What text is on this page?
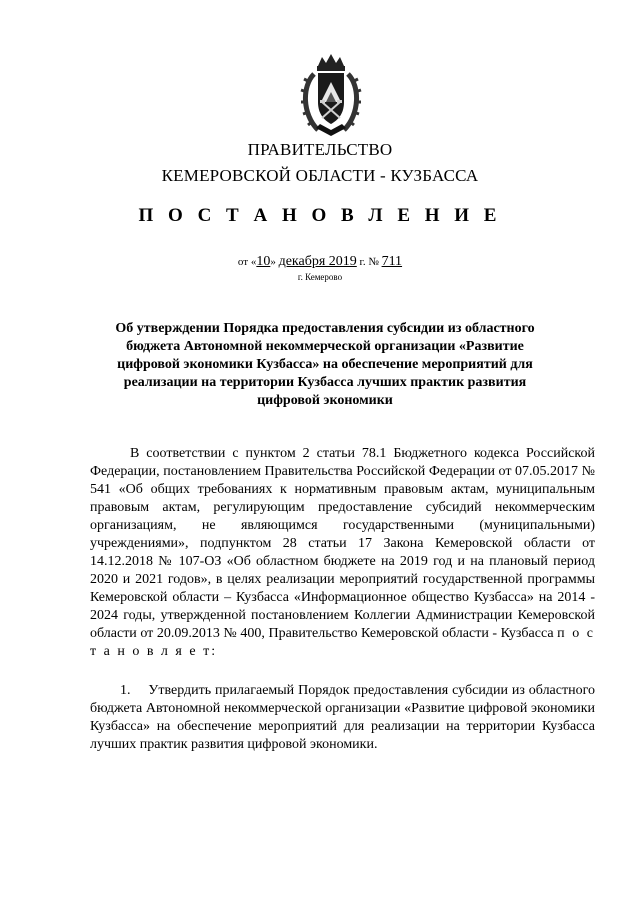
ПРАВИТЕЛЬСТВО
КЕМЕРОВСКОЙ ОБЛАСТИ - КУЗБАССА
П О С Т А Н О В Л Е Н И Е
от «10» декабря 2019 г. № 711
г. Кемерово
Об утверждении Порядка предоставления субсидии из областного бюджета Автономной некоммерческой организации «Развитие цифровой экономики Кузбасса» на обеспечение мероприятий для реализации на территории Кузбасса лучших практик развития цифровой экономики
В соответствии с пунктом 2 статьи 78.1 Бюджетного кодекса Российской Федерации, постановлением Правительства Российской Федерации от 07.05.2017 № 541 «Об общих требованиях к нормативным правовым актам, муниципальным правовым актам, регулирующим предоставление субсидий некоммерческим организациям, не являющимся государственными (муниципальными) учреждениями», подпунктом 28 статьи 17 Закона Кемеровской области от 14.12.2018 № 107-ОЗ «Об областном бюджете на 2019 год и на плановый период 2020 и 2021 годов», в целях реализации мероприятий государственной программы Кемеровской области – Кузбасса «Информационное общество Кузбасса» на 2014 - 2024 годы, утвержденной постановлением Коллегии Администрации Кемеровской области от 20.09.2013 № 400, Правительство Кемеровской области - Кузбасса п о с т а н о в л я е т:
1. Утвердить прилагаемый Порядок предоставления субсидии из областного бюджета Автономной некоммерческой организации «Развитие цифровой экономики Кузбасса» на обеспечение мероприятий для реализации на территории Кузбасса лучших практик развития цифровой экономики.
